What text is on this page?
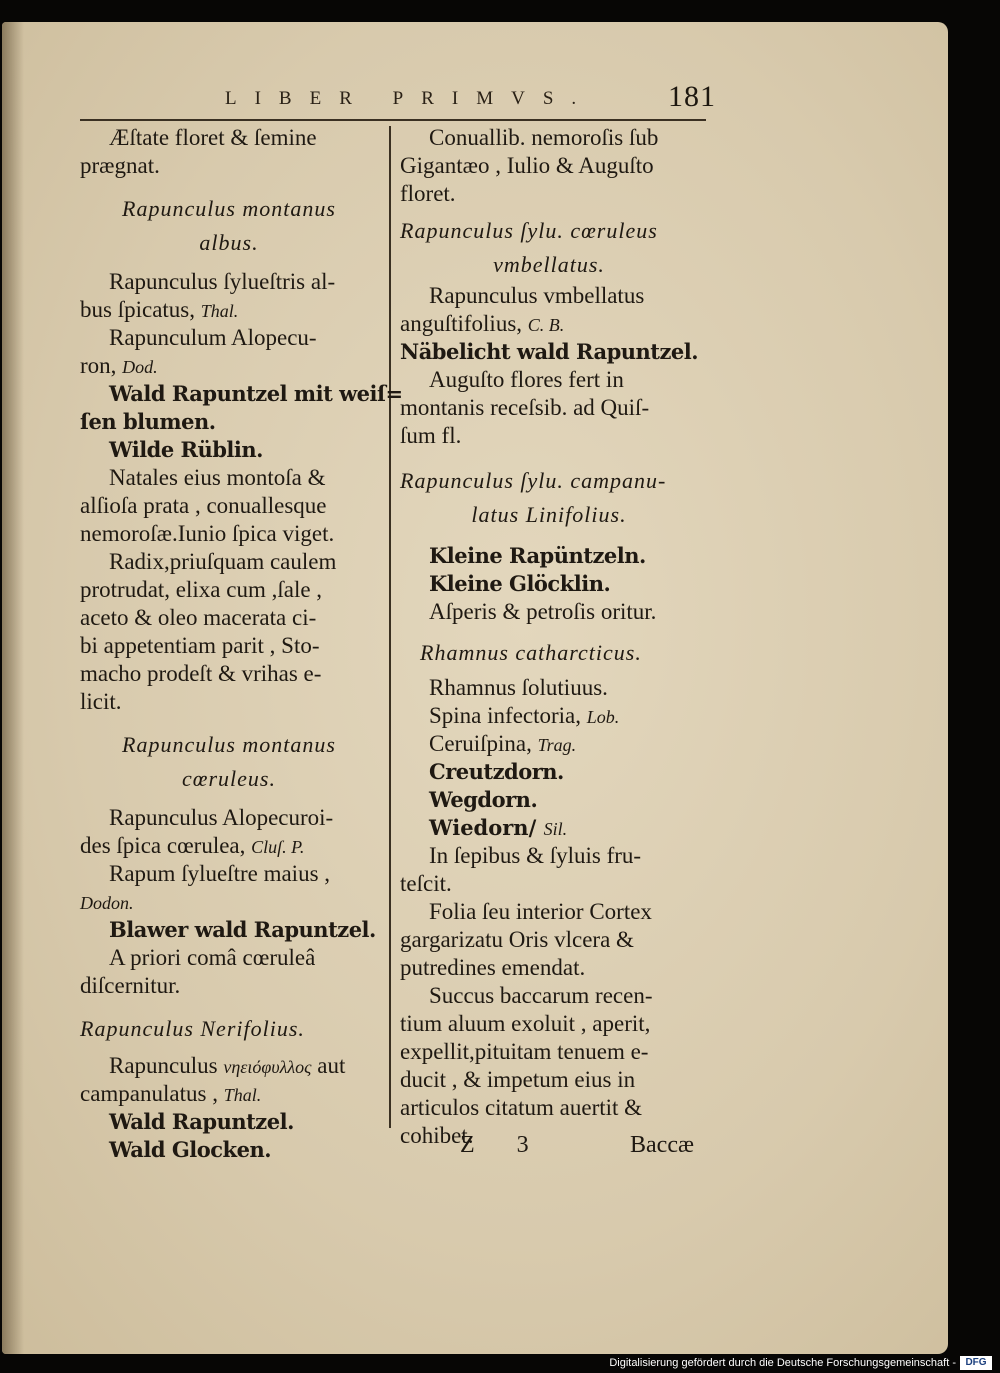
LIBER PRIMVS. 181
Æſtate floret & ſemine
prægnat.
Rapunculus montanus
albus.
Rapunculus ſylueſtris al-
bus ſpicatus, Thal.
Rapunculum Alopecu-
ron, Dod.
Wald Rapuntzel mit weiſ=
ſen blumen.
Wilde Rüblin.
Natales eius montoſa &
alſioſa prata , conuallesque
nemoroſæ.Iunio ſpica viget.
Radix,priuſquam caulem
protrudat, elixa cum ,ſale ,
aceto & oleo macerata ci-
bi appetentiam parit , Sto-
macho prodeſt & vrihas e-
licit.
Rapunculus montanus
cœruleus.
Rapunculus Alopecuroi-
des ſpica cœrulea, Cluſ. P.
Rapum ſylueſtre maius ,
Dodon.
Blawer wald Rapuntzel.
A priori comâ cœruleâ
diſcernitur.
Rapunculus Nerifolius.
Rapunculus νηειόφυλλος aut
campanulatus , Thal.
Wald Rapuntzel.
Wald Glocken.
Conuallib. nemoroſis ſub
Gigantæo , Iulio & Auguſto
floret.
Rapunculus ſylu. cœruleus
vmbellatus.
Rapunculus vmbellatus
anguſtifolius, C. B.
Näbelicht wald Rapuntzel.
Auguſto flores fert in
montanis receſsib. ad Quiſ-
ſum fl.
Rapunculus ſylu. campanu-
latus Linifolius.
Kleine Rapüntzeln.
Kleine Glöcklin.
Aſperis & petroſis oritur.
Rhamnus catharcticus.
Rhamnus ſolutiuus.
Spina infectoria, Lob.
Ceruiſpina, Trag.
Creutzdorn.
Wegdorn.
Wiedorn/ Sil.
In ſepibus & ſyluis fru-
teſcit.
Folia ſeu interior Cortex
gargarizatu Oris vlcera &
putredines emendat.
Succus baccarum recen-
tium aluum exoluit , aperit,
expellit,pituitam tenuem e-
ducit , & impetum eius in
articulos citatum auertit &
cohibet.
Z 3	Baccæ
Digitalisierung gefördert durch die Deutsche Forschungsgemeinschaft - DFG
